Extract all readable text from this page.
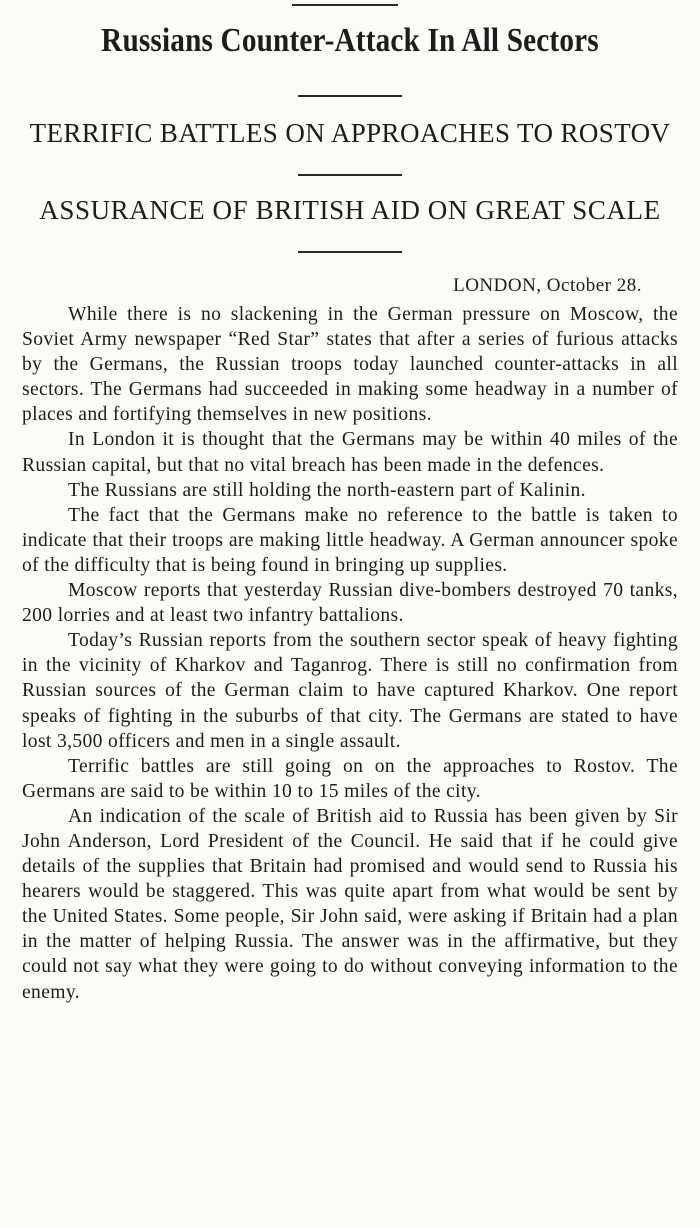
Russians Counter-Attack In All Sectors
TERRIFIC BATTLES ON APPROACHES TO ROSTOV
ASSURANCE OF BRITISH AID ON GREAT SCALE
LONDON, October 28.

While there is no slackening in the German pressure on Moscow, the Soviet Army newspaper “Red Star” states that after a series of furious attacks by the Germans, the Russian troops today launched counter-attacks in all sectors. The Germans had succeeded in making some headway in a number of places and fortifying themselves in new positions.

In London it is thought that the Germans may be within 40 miles of the Russian capital, but that no vital breach has been made in the defences.

The Russians are still holding the north-eastern part of Kalinin.

The fact that the Germans make no reference to the battle is taken to indicate that their troops are making little headway. A German announcer spoke of the difficulty that is being found in bringing up supplies.

Moscow reports that yesterday Russian dive-bombers destroyed 70 tanks, 200 lorries and at least two infantry battalions.

Today’s Russian reports from the southern sector speak of heavy fighting in the vicinity of Kharkov and Taganrog. There is still no confirmation from Russian sources of the German claim to have captured Kharkov. One report speaks of fighting in the suburbs of that city. The Germans are stated to have lost 3,500 officers and men in a single assault.

Terrific battles are still going on on the approaches to Rostov. The Germans are said to be within 10 to 15 miles of the city.

An indication of the scale of British aid to Russia has been given by Sir John Anderson, Lord President of the Council. He said that if he could give details of the supplies that Britain had promised and would send to Russia his hearers would be staggered. This was quite apart from what would be sent by the United States. Some people, Sir John said, were asking if Britain had a plan in the matter of helping Russia. The answer was in the affirmative, but they could not say what they were going to do without conveying information to the enemy.
